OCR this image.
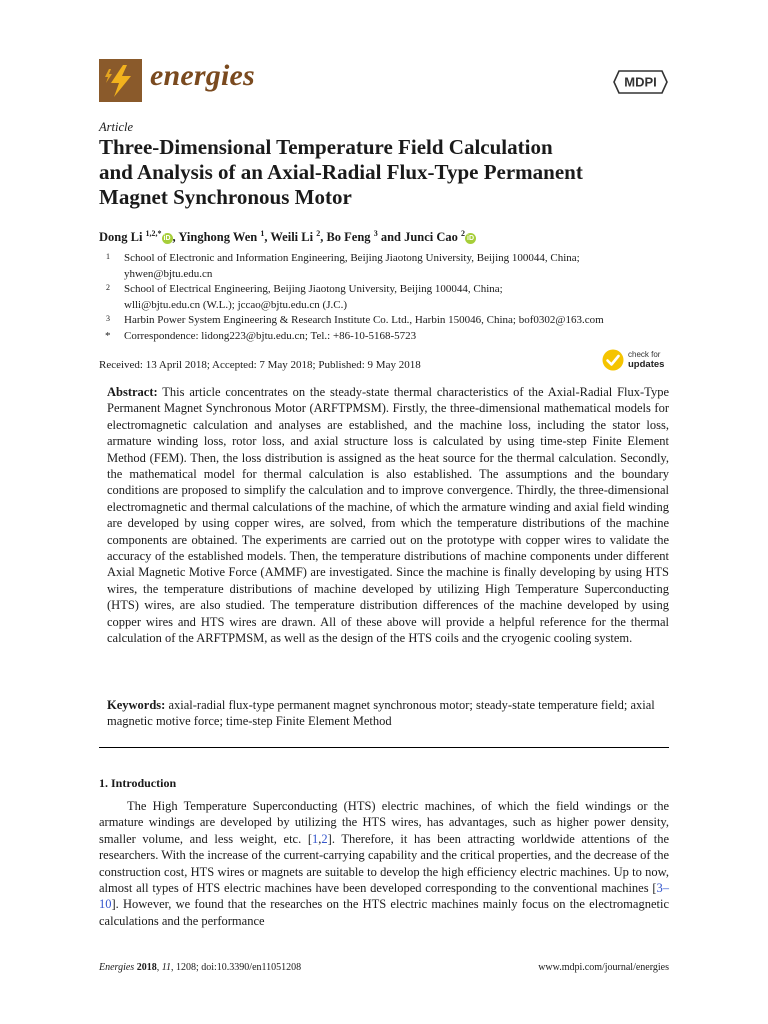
energies	MDPI
Article
Three-Dimensional Temperature Field Calculation
and Analysis of an Axial-Radial Flux-Type Permanent
Magnet Synchronous Motor
Dong Li $^{1,2,*}$iD , Yinghong Wen $^1$, Weili Li $^2$, Bo Feng $^3$ and Junci Cao $^2$iD
1 School of Electronic and Information Engineering, Beijing Jiaotong University, Beijing 100044, China;
yhwen@bjtu.edu.cn
2 School of Electrical Engineering, Beijing Jiaotong University, Beijing 100044, China;
wlli@bjtu.edu.cn (W.L.); jccao@bjtu.edu.cn (J.C.)
3 Harbin Power System Engineering & Research Institute Co. Ltd., Harbin 150046, China; bof0302@163.com
* Correspondence: lidong223@bjtu.edu.cn; Tel.: +86-10-5168-5723
Received: 13 April 2018; Accepted: 7 May 2018; Published: 9 May 2018
check for
updates
Abstract: This article concentrates on the steady-state thermal characteristics of the Axial-Radial Flux-Type Permanent Magnet Synchronous Motor (ARFTPMSM). Firstly, the three-dimensional mathematical models for electromagnetic calculation and analyses are established, and the machine loss, including the stator loss, armature winding loss, rotor loss, and axial structure loss is calculated by using time-step Finite Element Method (FEM). Then, the loss distribution is assigned as the heat source for the thermal calculation. Secondly, the mathematical model for thermal calculation is also established. The assumptions and the boundary conditions are proposed to simplify the calculation and to improve convergence. Thirdly, the three-dimensional electromagnetic and thermal calculations of the machine, of which the armature winding and axial field winding are developed by using copper wires, are solved, from which the temperature distributions of the machine components are obtained. The experiments are carried out on the prototype with copper wires to validate the accuracy of the established models. Then, the temperature distributions of machine components under different Axial Magnetic Motive Force (AMMF) are investigated. Since the machine is finally developing by using HTS wires, the temperature distributions of machine developed by utilizing High Temperature Superconducting (HTS) wires, are also studied. The temperature distribution differences of the machine developed by using copper wires and HTS wires are drawn. All of these above will provide a helpful reference for the thermal calculation of the ARFTPMSM, as well as the design of the HTS coils and the cryogenic cooling system.
Keywords: axial-radial flux-type permanent magnet synchronous motor; steady-state temperature field; axial magnetic motive force; time-step Finite Element Method
1. Introduction
The High Temperature Superconducting (HTS) electric machines, of which the field windings or the armature windings are developed by utilizing the HTS wires, has advantages, such as higher power density, smaller volume, and less weight, etc. [1,2]. Therefore, it has been attracting worldwide attentions of the researchers. With the increase of the current-carrying capability and the critical properties, and the decrease of the construction cost, HTS wires or magnets are suitable to develop the high efficiency electric machines. Up to now, almost all types of HTS electric machines have been developed corresponding to the conventional machines [3–10]. However, we found that the researches on the HTS electric machines mainly focus on the electromagnetic calculations and the performance
Energies 2018, 11, 1208; doi:10.3390/en11051208	www.mdpi.com/journal/energies
